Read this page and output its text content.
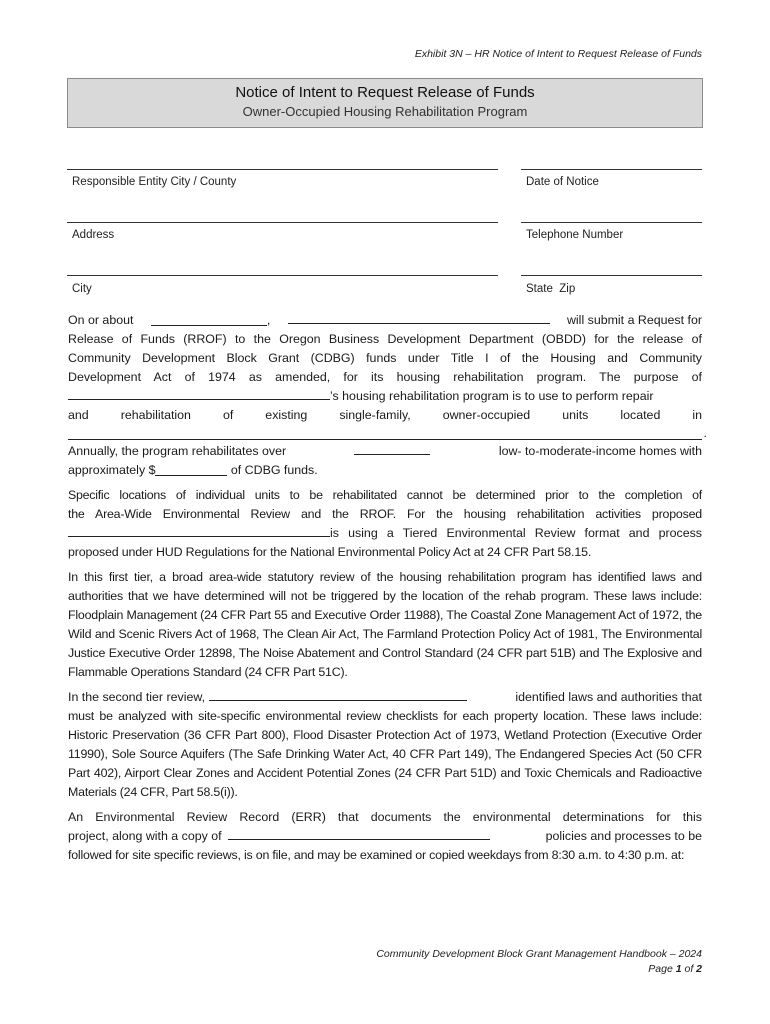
Exhibit 3N – HR Notice of Intent to Request Release of Funds
Notice of Intent to Request Release of Funds
Owner-Occupied Housing Rehabilitation Program
Responsible Entity City / County	Date of Notice
Address	Telephone Number
City	State  Zip
On or about	,	will submit a Request for
Release of Funds (RROF) to the Oregon Business Development Department (OBDD) for the release of
Community Development Block Grant (CDBG) funds under Title I of the Housing and Community
Development Act of 1974 as amended, for its housing rehabilitation program. The purpose of
’s housing rehabilitation program is to use to perform repair
and	rehabilitation	of	existing	single-family,	owner-occupied	units	located	in
.
Annually, the program rehabilitates over	low- to-moderate-income homes with
approximately $	of CDBG funds.
Specific locations of individual units to be rehabilitated cannot be determined prior to the completion of
the Area-Wide Environmental Review and the RROF. For the housing rehabilitation activities proposed
is using a Tiered Environmental Review format and process
proposed under HUD Regulations for the National Environmental Policy Act at 24 CFR Part 58.15.

In this first tier, a broad area-wide statutory review of the housing rehabilitation program has identified laws and authorities that we have determined will not be triggered by the location of the rehab program. These laws include: Floodplain Management (24 CFR Part 55 and Executive Order 11988), The Coastal Zone Management Act of 1972, the Wild and Scenic Rivers Act of 1968, The Clean Air Act, The Farmland Protection Policy Act of 1981, The Environmental Justice Executive Order 12898, The Noise Abatement and Control Standard (24 CFR part 51B) and The Explosive and Flammable Operations Standard (24 CFR Part 51C).

In the second tier review,	identified laws and authorities that

must be analyzed with site-specific environmental review checklists for each property location. These laws include: Historic Preservation (36 CFR Part 800), Flood Disaster Protection Act of 1973, Wetland Protection (Executive Order 11990), Sole Source Aquifers (The Safe Drinking Water Act, 40 CFR Part 149), The Endangered Species Act (50 CFR Part 402), Airport Clear Zones and Accident Potential Zones (24 CFR Part 51D) and Toxic Chemicals and Radioactive Materials (24 CFR, Part 58.5(i)).

An Environmental Review Record (ERR) that documents the environmental determinations for this
project, along with a copy of	policies and processes to be

followed for site specific reviews, is on file, and may be examined or copied weekdays from 8:30 a.m. to 4:30 p.m. at:

Community Development Block Grant Management Handbook – 2024
Page 1 of 2
